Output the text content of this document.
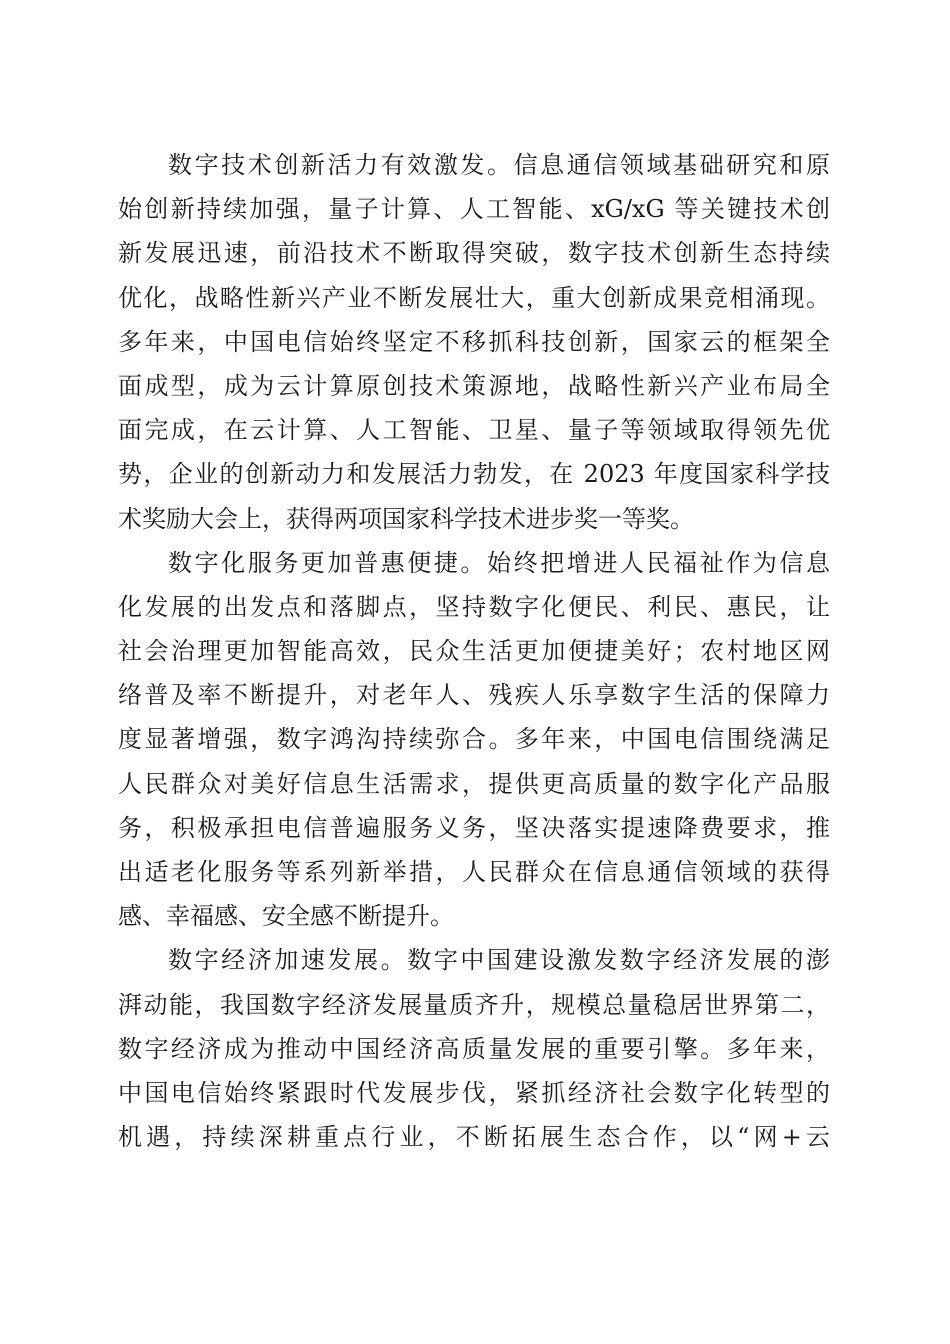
数字技术创新活力有效激发。信息通信领域基础研究和原
始创新持续加强，量子计算、人工智能、xG/xG 等关键技术创
新发展迅速，前沿技术不断取得突破，数字技术创新生态持续
优化，战略性新兴产业不断发展壮大，重大创新成果竞相涌现。
多年来，中国电信始终坚定不移抓科技创新，国家云的框架全
面成型，成为云计算原创技术策源地，战略性新兴产业布局全
面完成，在云计算、人工智能、卫星、量子等领域取得领先优
势，企业的创新动力和发展活力勃发，在 2023 年度国家科学技
术奖励大会上，获得两项国家科学技术进步奖一等奖。
数字化服务更加普惠便捷。始终把增进人民福祉作为信息
化发展的出发点和落脚点，坚持数字化便民、利民、惠民，让
社会治理更加智能高效，民众生活更加便捷美好；农村地区网
络普及率不断提升，对老年人、残疾人乐享数字生活的保障力
度显著增强，数字鸿沟持续弥合。多年来，中国电信围绕满足
人民群众对美好信息生活需求，提供更高质量的数字化产品服
务，积极承担电信普遍服务义务，坚决落实提速降费要求，推
出适老化服务等系列新举措，人民群众在信息通信领域的获得
感、幸福感、安全感不断提升。
数字经济加速发展。数字中国建设激发数字经济发展的澎
湃动能，我国数字经济发展量质齐升，规模总量稳居世界第二，
数字经济成为推动中国经济高质量发展的重要引擎。多年来，
中国电信始终紧跟时代发展步伐，紧抓经济社会数字化转型的
机遇，持续深耕重点行业，不断拓展生态合作，以“网+云
